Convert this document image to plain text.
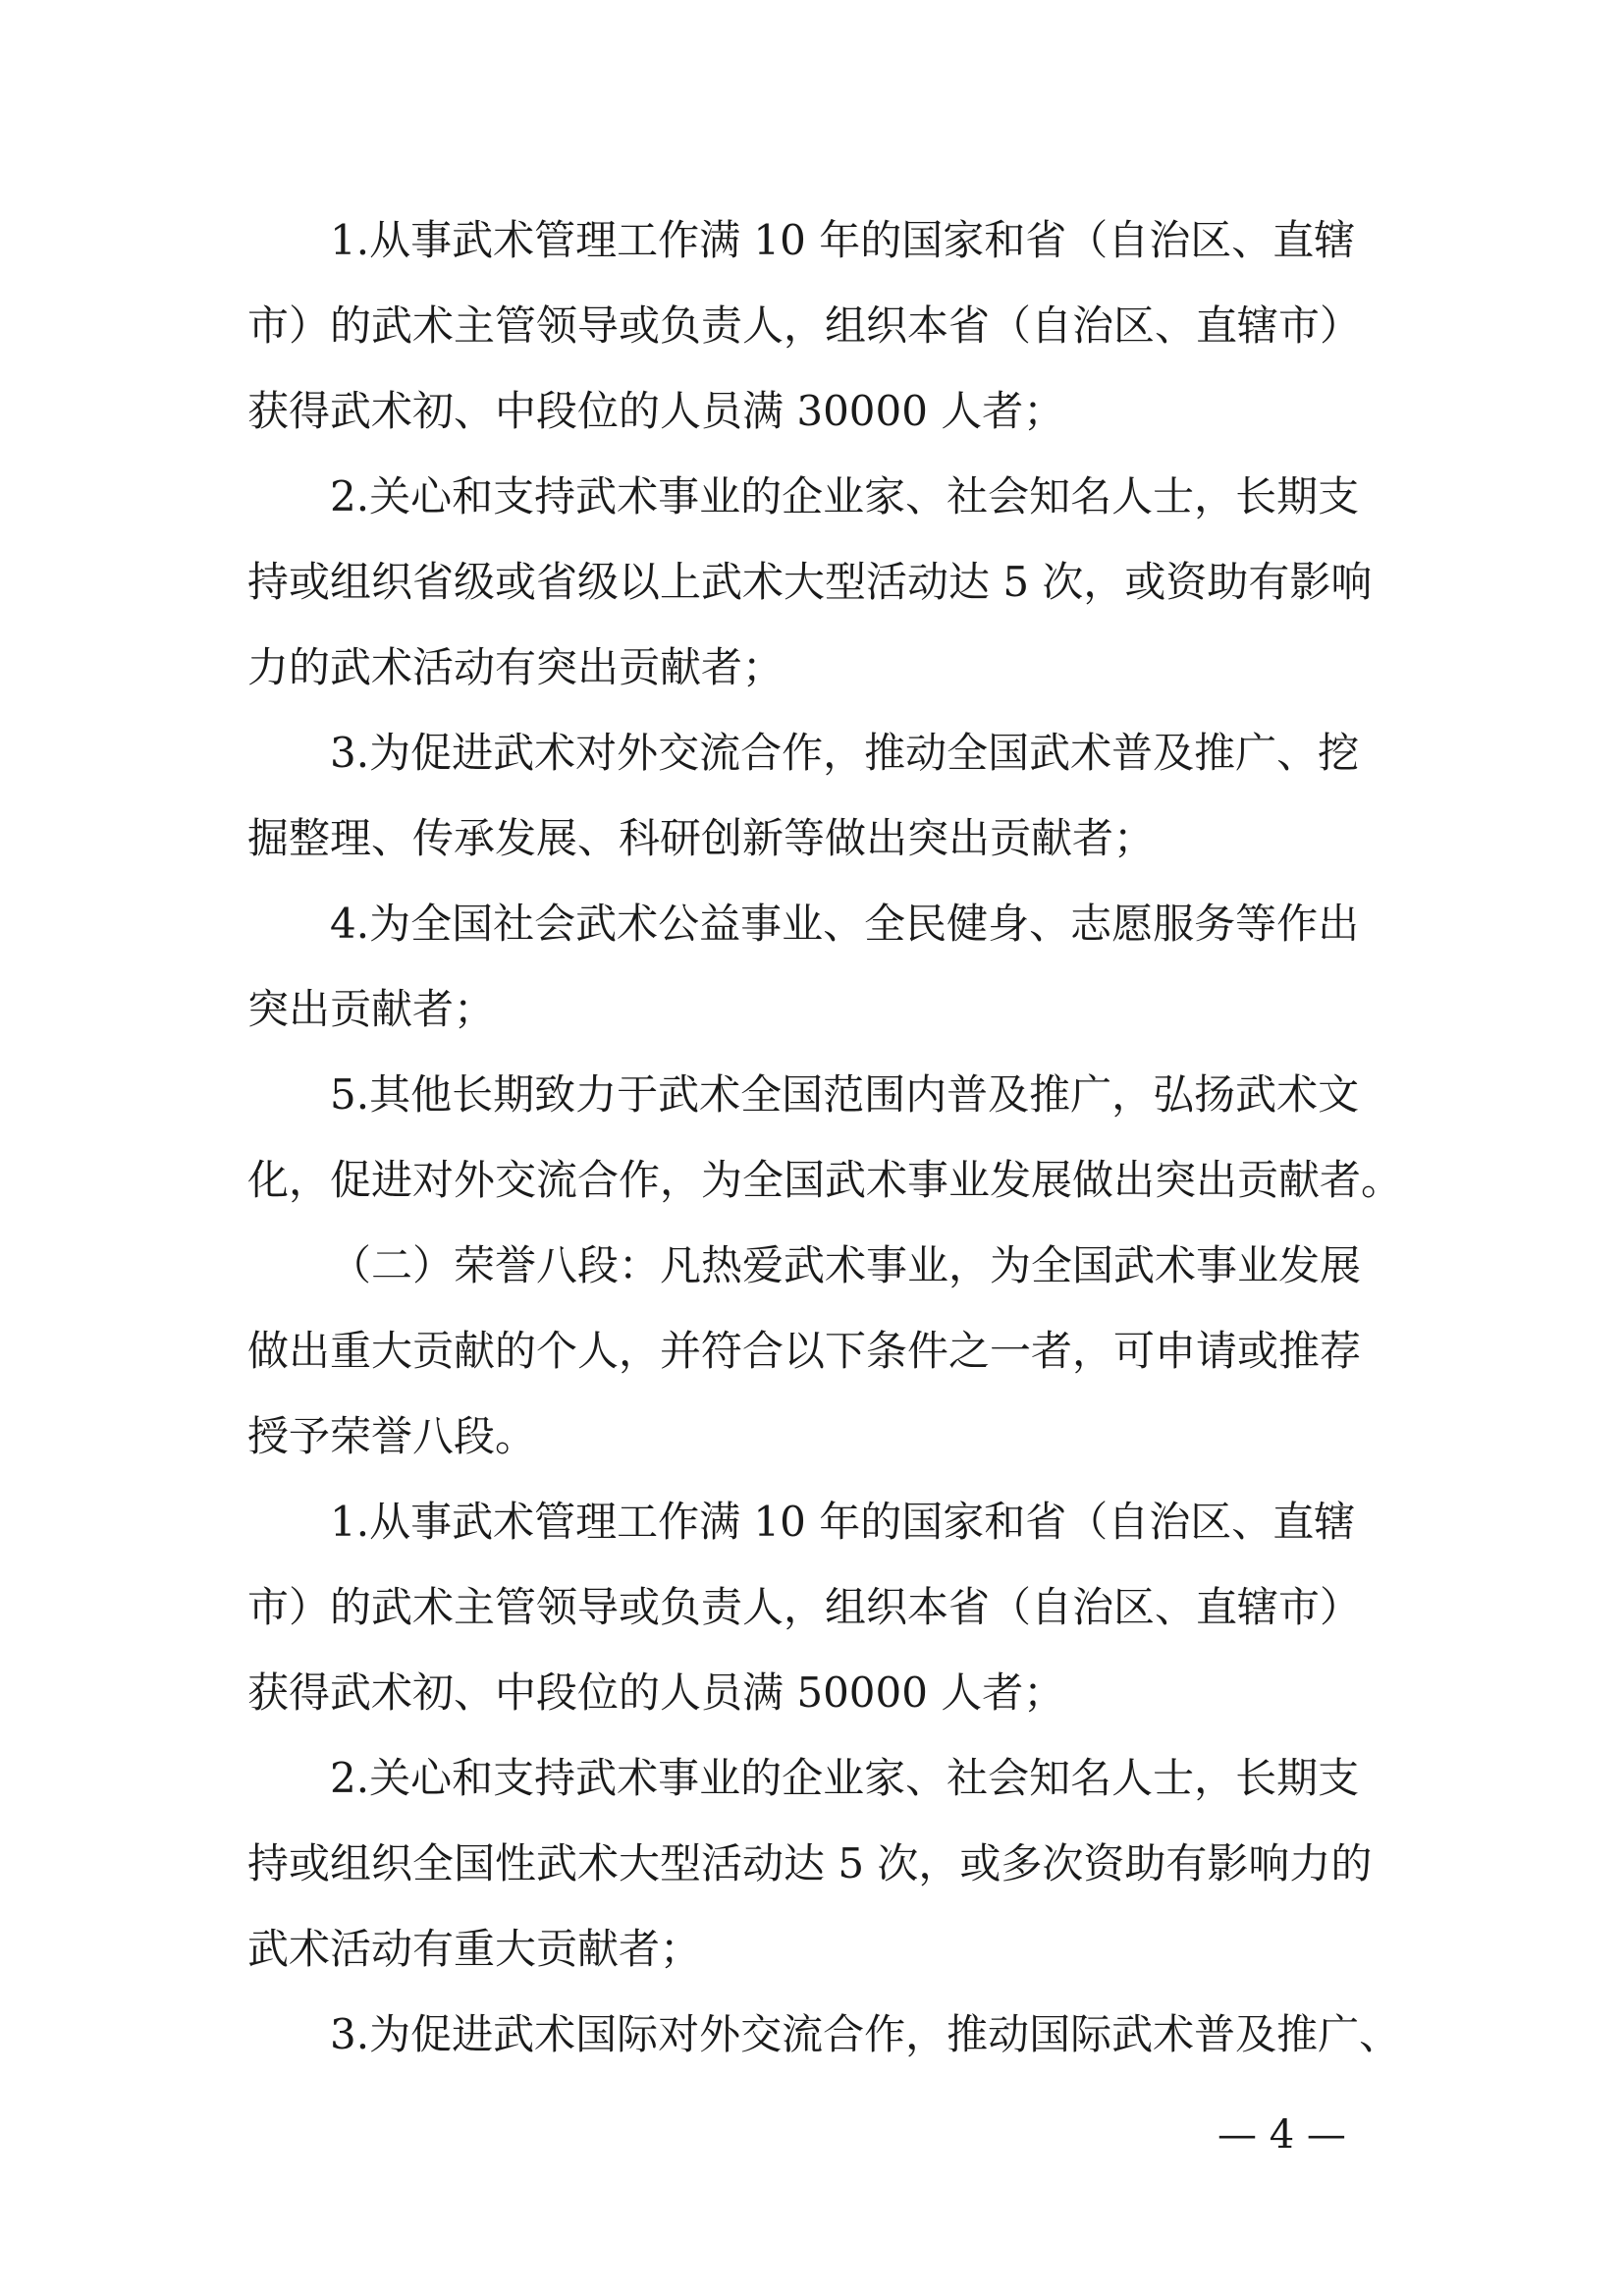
1.从事武术管理工作满 10 年的国家和省（自治区、直辖

市）的武术主管领导或负责人，组织本省（自治区、直辖市）

获得武术初、中段位的人员满 30000 人者；

2.关心和支持武术事业的企业家、社会知名人士，长期支

持或组织省级或省级以上武术大型活动达 5 次，或资助有影响

力的武术活动有突出贡献者；

3.为促进武术对外交流合作，推动全国武术普及推广、挖

掘整理、传承发展、科研创新等做出突出贡献者；

4.为全国社会武术公益事业、全民健身、志愿服务等作出

突出贡献者；

5.其他长期致力于武术全国范围内普及推广，弘扬武术文

化，促进对外交流合作，为全国武术事业发展做出突出贡献者。

（二）荣誉八段：凡热爱武术事业，为全国武术事业发展

做出重大贡献的个人，并符合以下条件之一者，可申请或推荐

授予荣誉八段。

1.从事武术管理工作满 10 年的国家和省（自治区、直辖

市）的武术主管领导或负责人，组织本省（自治区、直辖市）

获得武术初、中段位的人员满 50000 人者；

2.关心和支持武术事业的企业家、社会知名人士，长期支

持或组织全国性武术大型活动达 5 次，或多次资助有影响力的

武术活动有重大贡献者；

3.为促进武术国际对外交流合作，推动国际武术普及推广、

— 4 —
